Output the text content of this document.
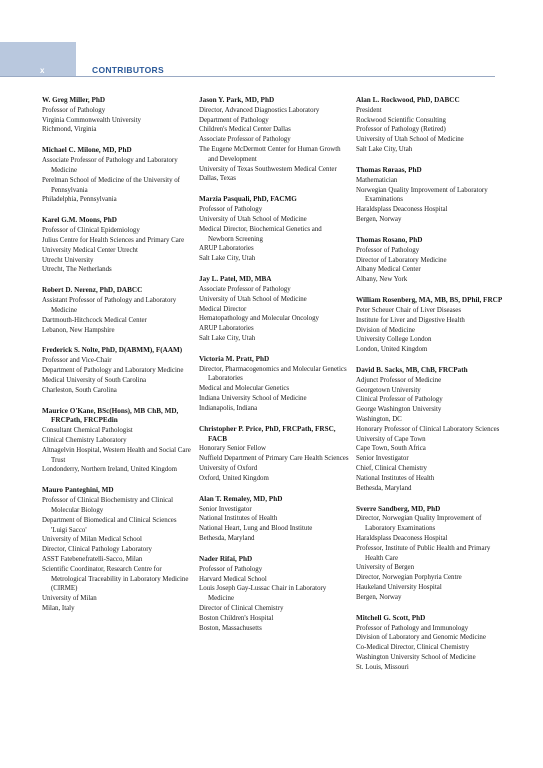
x	CONTRIBUTORS
W. Greg Miller, PhD
Professor of Pathology
Virginia Commonwealth University
Richmond, Virginia
Michael C. Milone, MD, PhD
Associate Professor of Pathology and Laboratory Medicine
Perelman School of Medicine of the University of Pennsylvania
Philadelphia, Pennsylvania
Karel G.M. Moons, PhD
Professor of Clinical Epidemiology
Julius Centre for Health Sciences and Primary Care
University Medical Center Utrecht
Utrecht University
Utrecht, The Netherlands
Robert D. Nerenz, PhD, DABCC
Assistant Professor of Pathology and Laboratory Medicine
Dartmouth-Hitchcock Medical Center
Lebanon, New Hampshire
Frederick S. Nolte, PhD, D(ABMM), F(AAM)
Professor and Vice-Chair
Department of Pathology and Laboratory Medicine
Medical University of South Carolina
Charleston, South Carolina
Maurice O'Kane, BSc(Hons), MB ChB, MD, FRCPath, FRCPEdin
Consultant Chemical Pathologist
Clinical Chemistry Laboratory
Altnagelvin Hospital, Western Health and Social Care Trust
Londonderry, Northern Ireland, United Kingdom
Mauro Panteghini, MD
Professor of Clinical Biochemistry and Clinical Molecular Biology
Department of Biomedical and Clinical Sciences 'Luigi Sacco'
University of Milan Medical School
Director, Clinical Pathology Laboratory
ASST Fatebenefratelli-Sacco, Milan
Scientific Coordinator, Research Centre for Metrological Traceability in Laboratory Medicine (CIRME)
University of Milan
Milan, Italy
Jason Y. Park, MD, PhD
Director, Advanced Diagnostics Laboratory
Department of Pathology
Children's Medical Center Dallas
Associate Professor of Pathology
The Eugene McDermott Center for Human Growth and Development
University of Texas Southwestern Medical Center
Dallas, Texas
Marzia Pasquali, PhD, FACMG
Professor of Pathology
University of Utah School of Medicine
Medical Director, Biochemical Genetics and Newborn Screening
ARUP Laboratories
Salt Lake City, Utah
Jay L. Patel, MD, MBA
Associate Professor of Pathology
University of Utah School of Medicine
Medical Director
Hematopathology and Molecular Oncology
ARUP Laboratories
Salt Lake City, Utah
Victoria M. Pratt, PhD
Director, Pharmacogenomics and Molecular Genetics Laboratories
Medical and Molecular Genetics
Indiana University School of Medicine
Indianapolis, Indiana
Christopher P. Price, PhD, FRCPath, FRSC, FACB
Honorary Senior Fellow
Nuffield Department of Primary Care Health Sciences
University of Oxford
Oxford, United Kingdom
Alan T. Remaley, MD, PhD
Senior Investigator
National Institutes of Health
National Heart, Lung and Blood Institute
Bethesda, Maryland
Nader Rifai, PhD
Professor of Pathology
Harvard Medical School
Louis Joseph Gay-Lussac Chair in Laboratory Medicine
Director of Clinical Chemistry
Boston Children's Hospital
Boston, Massachusetts
Alan L. Rockwood, PhD, DABCC
President
Rockwood Scientific Consulting
Professor of Pathology (Retired)
University of Utah School of Medicine
Salt Lake City, Utah
Thomas Røraas, PhD
Mathematician
Norwegian Quality Improvement of Laboratory Examinations
Haraldsplass Deaconess Hospital
Bergen, Norway
Thomas Rosano, PhD
Professor of Pathology
Director of Laboratory Medicine
Albany Medical Center
Albany, New York
William Rosenberg, MA, MB, BS, DPhil, FRCP
Peter Scheuer Chair of Liver Diseases
Institute for Liver and Digestive Health
Division of Medicine
University College London
London, United Kingdom
David B. Sacks, MB, ChB, FRCPath
Adjunct Professor of Medicine
Georgetown University
Clinical Professor of Pathology
George Washington University
Washington, DC
Honorary Professor of Clinical Laboratory Sciences
University of Cape Town
Cape Town, South Africa
Senior Investigator
Chief, Clinical Chemistry
National Institutes of Health
Bethesda, Maryland
Sverre Sandberg, MD, PhD
Director, Norwegian Quality Improvement of Laboratory Examinations
Haraldsplass Deaconess Hospital
Professor, Institute of Public Health and Primary Health Care
University of Bergen
Director, Norwegian Porphyria Centre
Haukeland University Hospital
Bergen, Norway
Mitchell G. Scott, PhD
Professor of Pathology and Immunology
Division of Laboratory and Genomic Medicine
Co-Medical Director, Clinical Chemistry
Washington University School of Medicine
St. Louis, Missouri
